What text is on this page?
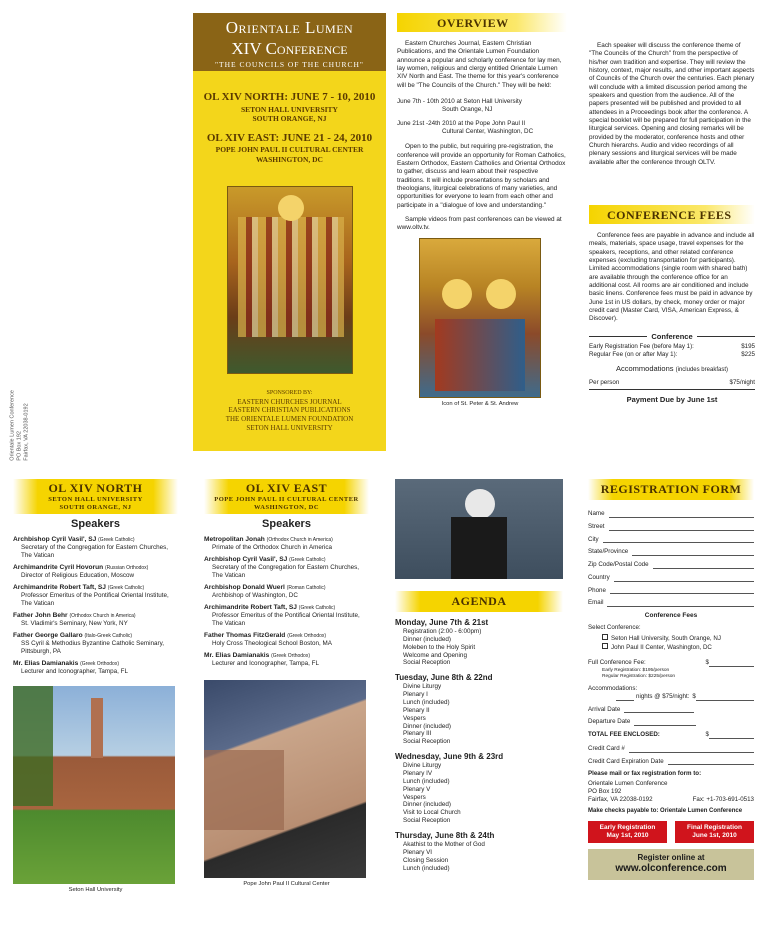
Orientale Lumen Conference PO Box 192 Fairfax, VA 22038-0192
Orientale Lumen
XIV Conference
"THE COUNCILS OF THE CHURCH"
OL XIV NORTH: JUNE 7 - 10, 2010
SETON HALL UNIVERSITY
SOUTH ORANGE, NJ
OL XIV EAST: JUNE 21 - 24, 2010
POPE JOHN PAUL II CULTURAL CENTER
WASHINGTON, DC
SPONSORED BY:
EASTERN CHURCHES JOURNAL
EASTERN CHRISTIAN PUBLICATIONS
THE ORIENTALE LUMEN FOUNDATION
SETON HALL UNIVERSITY
OVERVIEW

Eastern Churches Journal, Eastern Christian Publications, and the Orientale Lumen Foundation announce a popular and scholarly conference for lay men, lay women, religious and clergy entitled Orientale Lumen XIV North and East. The theme for this year's conference will be "The Councils of the Church." They will be held:

June 7th - 10th 2010 at Seton Hall University
South Orange, NJ
June 21st -24th 2010 at the Pope John Paul II
Cultural Center, Washington, DC

Open to the public, but requiring pre-registration, the conference will provide an opportunity for Roman Catholics, Eastern Orthodox, Eastern Catholics and Oriental Orthodox to gather, discuss and learn about their respective traditions. It will include presentations by scholars and theologians, liturgical celebrations of many varieties, and opportunities for everyone to learn from each other and participate in a "dialogue of love and understanding."

Sample videos from past conferences can be viewed at www.oltv.tv.

Icon of St. Peter & St. Andrew

Each speaker will discuss the conference theme of "The Councils of the Church" from the perspective of his/her own tradition and expertise. They will review the history, context, major results, and other important aspects of Councils of the Church over the centuries. Each plenary will conclude with a limited discussion period among the speakers and question from the audience. All of the papers presented will be published and provided to all attendees in a Proceedings book after the conference. A special booklet will be prepared for full participation in the liturgical services. Opening and closing remarks will be provided by the moderator, conference hosts and other Church hierarchs. Audio and video recordings of all plenary sessions and liturgical services will be made available after the conference through OLTV.

CONFERENCE FEES

Conference fees are payable in advance and include all meals, materials, space usage, travel expenses for the speakers, receptions, and other related conference expenses (excluding transportation for participants). Limited accommodations (single room with shared bath) are available through the conference office for an additional cost. All rooms are air conditioned and include basic linens. Conference fees must be paid in advance by June 1st in US dollars, by check, money order or major credit card (Master Card, VISA, American Express, & Discover).

Conference
Early Registration Fee (before May 1):	$195
Regular Fee (on or after May 1):	$225
Accommodations (includes breakfast)
Per person	$75/night
Payment Due by June 1st
OL XIV NORTH
SETON HALL UNIVERSITY
SOUTH ORANGE, NJ
Speakers
Archbishop Cyril Vasil', SJ (Greek Catholic)
Secretary of the Congregation for Eastern Churches, The Vatican
Archimandrite Cyril Hovorun (Russian Orthodox)
Director of Religious Education, Moscow
Archimandrite Robert Taft, SJ (Greek Catholic)
Professor Emeritus of the Pontifical Oriental Institute, The Vatican
Father John Behr (Orthodox Church in America)
St. Vladimir's Seminary, New York, NY
Father George Gallaro (Italo-Greek Catholic)
SS Cyril & Methodius Byzantine Catholic Seminary, Pittsburgh, PA
Mr. Elias Damianakis (Greek Orthodox)
Lecturer and Iconographer, Tampa, FL
Seton Hall University
OL XIV EAST
POPE JOHN PAUL II CULTURAL CENTER
WASHINGTON, DC
Speakers
Metropolitan Jonah (Orthodox Church in America)
Primate of the Orthodox Church in America
Archbishop Cyril Vasil', SJ (Greek Catholic)
Secretary of the Congregation for Eastern Churches, The Vatican
Archbishop Donald Wuerl (Roman Catholic)
Archbishop of Washington, DC
Archimandrite Robert Taft, SJ (Greek Catholic)
Professor Emeritus of the Pontifical Oriental Institute, The Vatican
Father Thomas FitzGerald (Greek Orthodox)
Holy Cross Theological School Boston, MA
Mr. Elias Damianakis (Greek Orthodox)
Lecturer and Iconographer, Tampa, FL
Pope John Paul II Cultural Center
AGENDA
Monday, June 7th & 21st
Registration (2:00 - 6:00pm)
Dinner (included)
Moleben to the Holy Spirit
Welcome and Opening
Social Reception
Tuesday, June 8th & 22nd
Divine Liturgy
Plenary I
Lunch (included)
Plenary II
Vespers
Dinner (included)
Plenary III
Social Reception
Wednesday, June 9th & 23rd
Divine Liturgy
Plenary IV
Lunch (included)
Plenary V
Vespers
Dinner (included)
Visit to Local Church
Social Reception
Thursday, June 8th & 24th
Akathist to the Mother of God
Plenary VI
Closing Session
Lunch (included)
REGISTRATION FORM
Name
Street
City
State/Province
Zip Code/Postal Code
Country
Phone
Email
Conference Fees
Select Conference:
Seton Hall University, South Orange, NJ
John Paul II Center, Washington, DC
Full Conference Fee:	$
Early Registration: $195/person
Regular Registration: $225/person
Accommodations:
nights @ $75/night: $
Arrival Date
Departure Date
TOTAL FEE ENCLOSED:	$
Credit Card #
Credit Card Expiration Date
Please mail or fax registration form to:
Orientale Lumen Conference
PO Box 192
Fairfax, VA 22038-0192	Fax: +1-703-691-0513
Make checks payable to: Orientale Lumen Conference
Early Registration
May 1st, 2010
Final Registration
June 1st, 2010
Register online at
www.olconference.com
